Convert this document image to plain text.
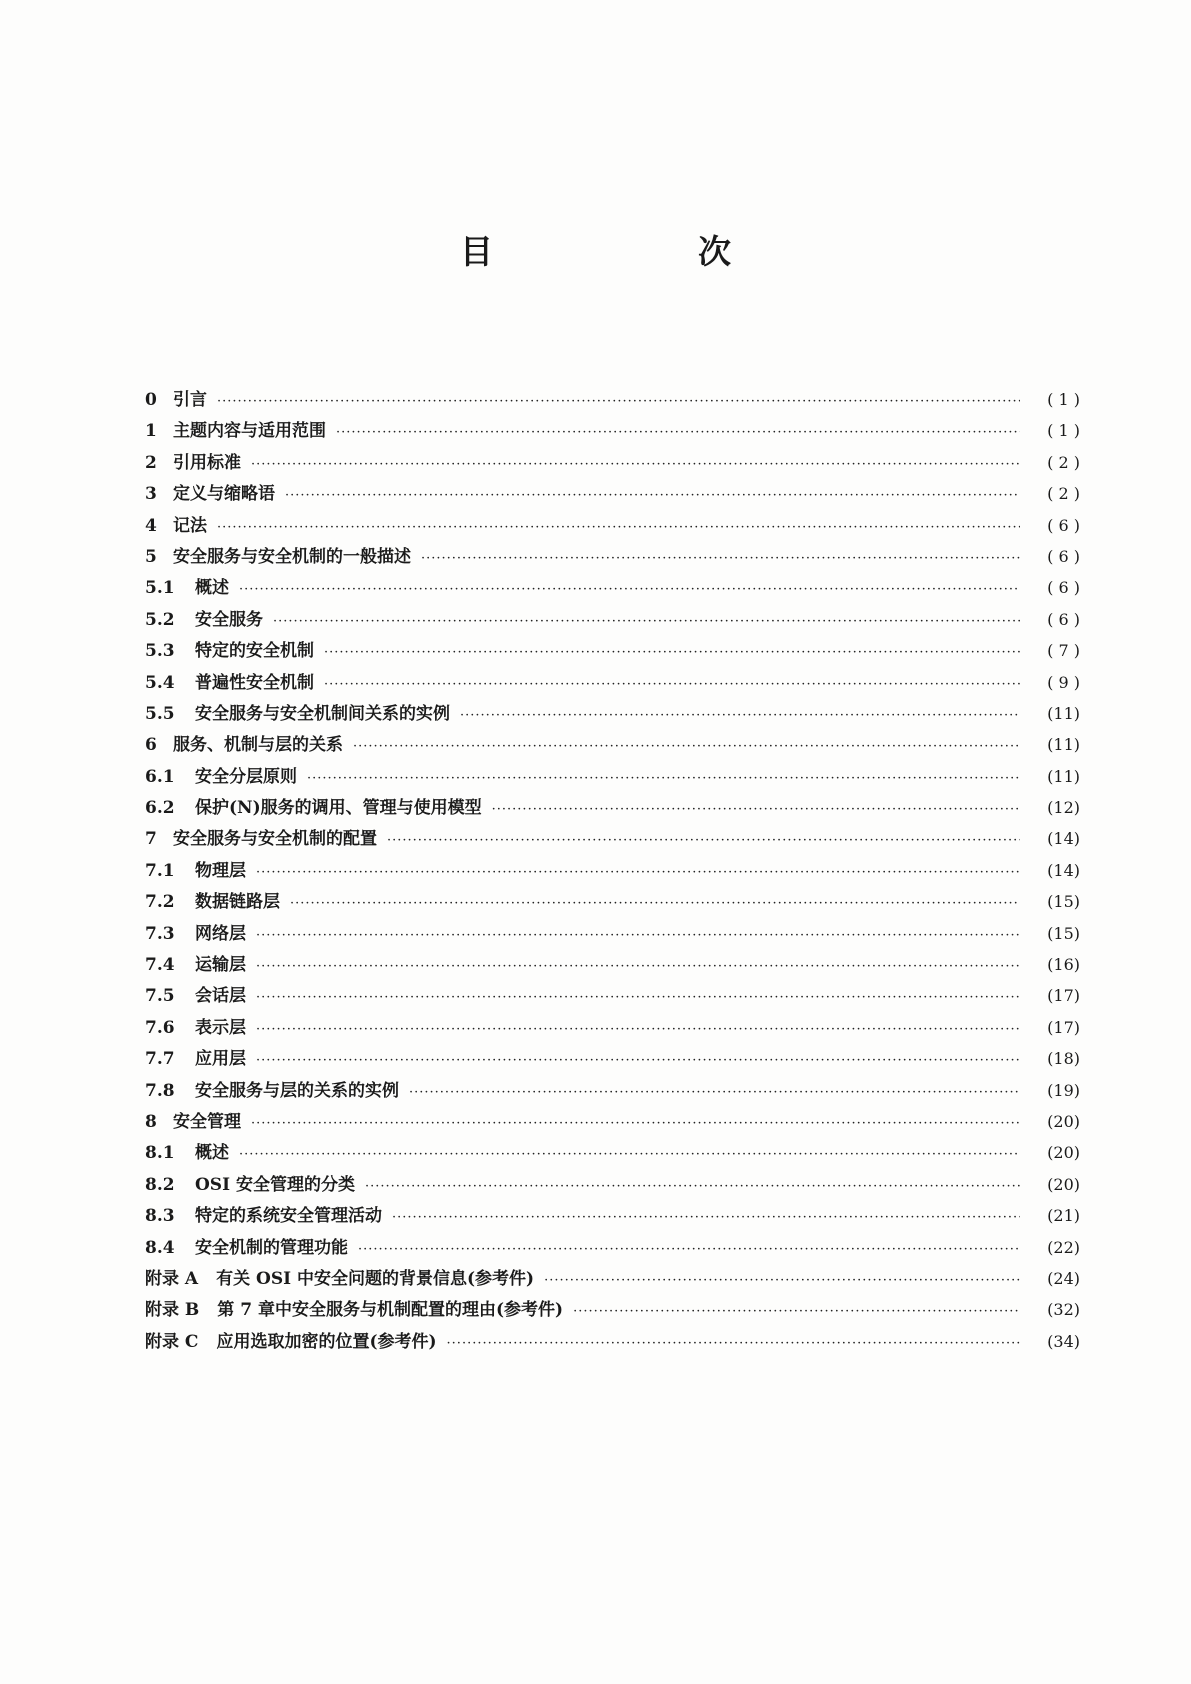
目　次
0 引言 ·····	( 1 )
1 主题内容与适用范围 ·····	( 1 )
2 引用标准 ·····	( 2 )
3 定义与缩略语 ·····	( 2 )
4 记法 ·····	( 6 )
5 安全服务与安全机制的一般描述 ·····	( 6 )
5.1	概述 ·····	( 6 )
5.2	安全服务 ·····	( 6 )
5.3	特定的安全机制 ·····	( 7 )
5.4	普遍性安全机制 ·····	( 9 )
5.5	安全服务与安全机制间关系的实例 ·····	(11)
6 服务、机制与层的关系 ·····	(11)
6.1	安全分层原则 ·····	(11)
6.2	保护(N)服务的调用、管理与使用模型 ·····	(12)
7 安全服务与安全机制的配置 ·····	(14)
7.1	物理层 ·····	(14)
7.2	数据链路层 ·····	(15)
7.3	网络层 ·····	(15)
7.4	运输层 ·····	(16)
7.5	会话层 ·····	(17)
7.6	表示层 ·····	(17)
7.7	应用层 ·····	(18)
7.8	安全服务与层的关系的实例 ·····	(19)
8 安全管理 ·····	(20)
8.1	概述 ·····	(20)
8.2	OSI 安全管理的分类 ·····	(20)
8.3	特定的系统安全管理活动 ·····	(21)
8.4	安全机制的管理功能 ·····	(22)
附录 A 有关 OSI 中安全问题的背景信息(参考件) ·····	(24)
附录 B 第 7 章中安全服务与机制配置的理由(参考件) ·····	(32)
附录 C 应用选取加密的位置(参考件) ·····	(34)
